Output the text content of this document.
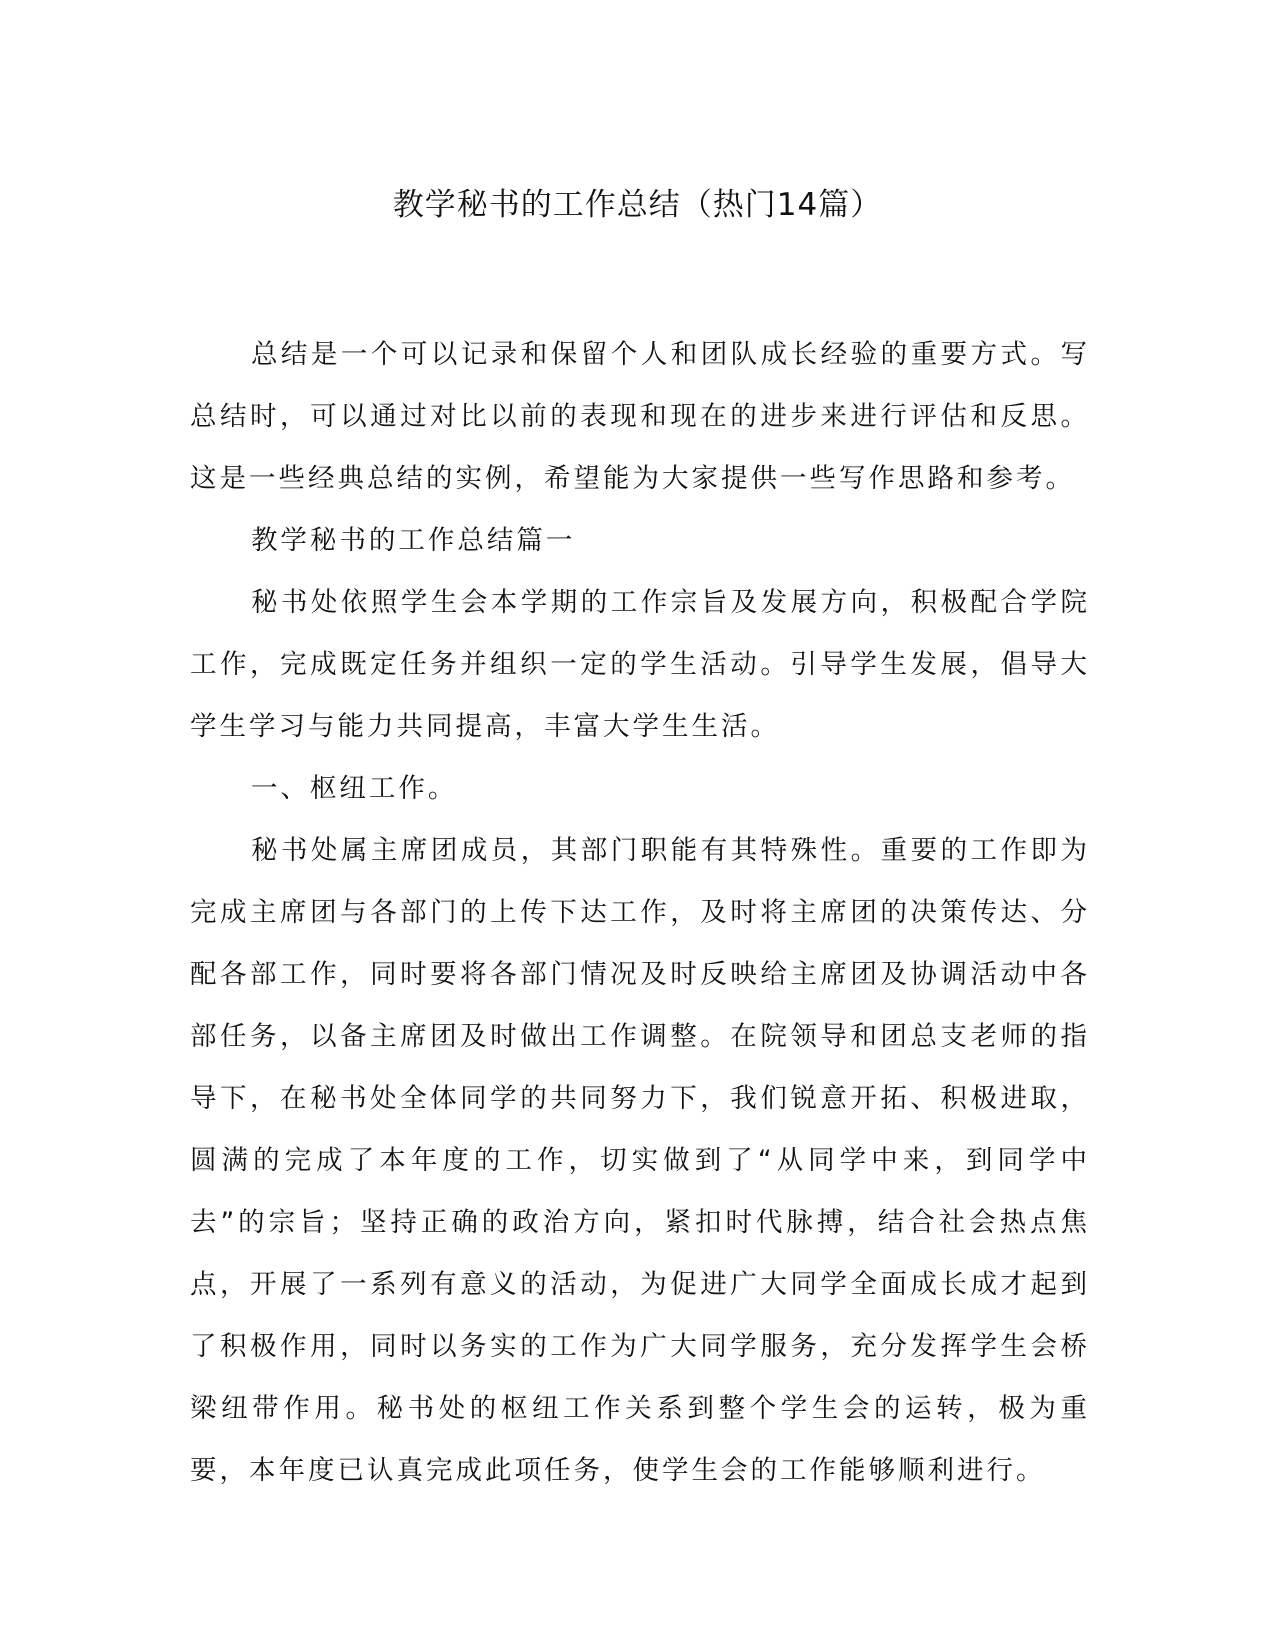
教学秘书的工作总结（热门14篇）

总结是一个可以记录和保留个人和团队成长经验的重要方式。写总结时，可以通过对比以前的表现和现在的进步来进行评估和反思。这是一些经典总结的实例，希望能为大家提供一些写作思路和参考。

教学秘书的工作总结篇一

秘书处依照学生会本学期的工作宗旨及发展方向，积极配合学院工作，完成既定任务并组织一定的学生活动。引导学生发展，倡导大学生学习与能力共同提高，丰富大学生生活。

一、枢纽工作。

秘书处属主席团成员，其部门职能有其特殊性。重要的工作即为完成主席团与各部门的上传下达工作，及时将主席团的决策传达、分配各部工作，同时要将各部门情况及时反映给主席团及协调活动中各部任务，以备主席团及时做出工作调整。在院领导和团总支老师的指导下，在秘书处全体同学的共同努力下，我们锐意开拓、积极进取，圆满的完成了本年度的工作，切实做到了“从同学中来，到同学中去”的宗旨；坚持正确的政治方向，紧扣时代脉搏，结合社会热点焦点，开展了一系列有意义的活动，为促进广大同学全面成长成才起到了积极作用，同时以务实的工作为广大同学服务，充分发挥学生会桥梁纽带作用。秘书处的枢纽工作关系到整个学生会的运转，极为重要，本年度已认真完成此项任务，使学生会的工作能够顺利进行。
